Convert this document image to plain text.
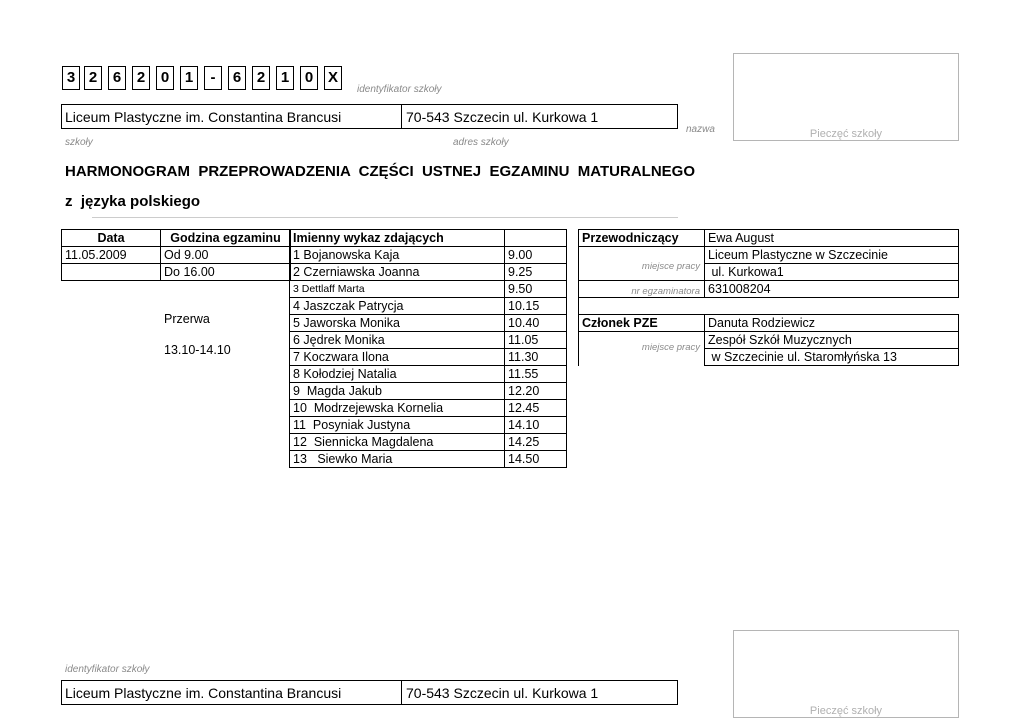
3 2	6	2	0	1	-	6	2	1	0 X
identyfikator szkoły
Pieczęć szkoły
Liceum Plastyczne im. Constantina Brancusi	70-543 Szczecin ul. Kurkowa 1
nazwa
szkoły	adres szkoły
HARMONOGRAM  PRZEPROWADZENIA  CZĘŚCI  USTNEJ  EGZAMINU  MATURALNEGO
z  języka polskiego
Data	Godzina egzaminu
11.05.2009	Od 9.00
	Do 16.00
Przerwa
13.10-14.10
Imienny wykaz zdających	
1 Bojanowska Kaja	9.00
2 Czerniawska Joanna	9.25
3 Dettlaff Marta	9.50
4 Jaszczak Patrycja	10.15
5 Jaworska Monika	10.40
6 Jędrek Monika	11.05
7 Koczwara Ilona	11.30
8 Kołodziej Natalia	11.55
9  Magda Jakub	12.20
10  Modrzejewska Kornelia	12.45
11  Posyniak Justyna	14.10
12  Siennicka Magdalena	14.25
13   Siewko Maria	14.50
Przewodniczący	Ewa August

miejsce pracy	Liceum Plastyczne w Szczecinie
	ul. Kurkowa1

nr egzaminatora	631008204

Członek PZE	Danuta Rodziewicz

miejsce pracy	Zespół Szkół Muzycznych
	w Szczecinie ul. Staromłyńska 13
identyfikator szkoły
Liceum Plastyczne im. Constantina Brancusi	70-543 Szczecin ul. Kurkowa 1
Pieczęć szkoły
